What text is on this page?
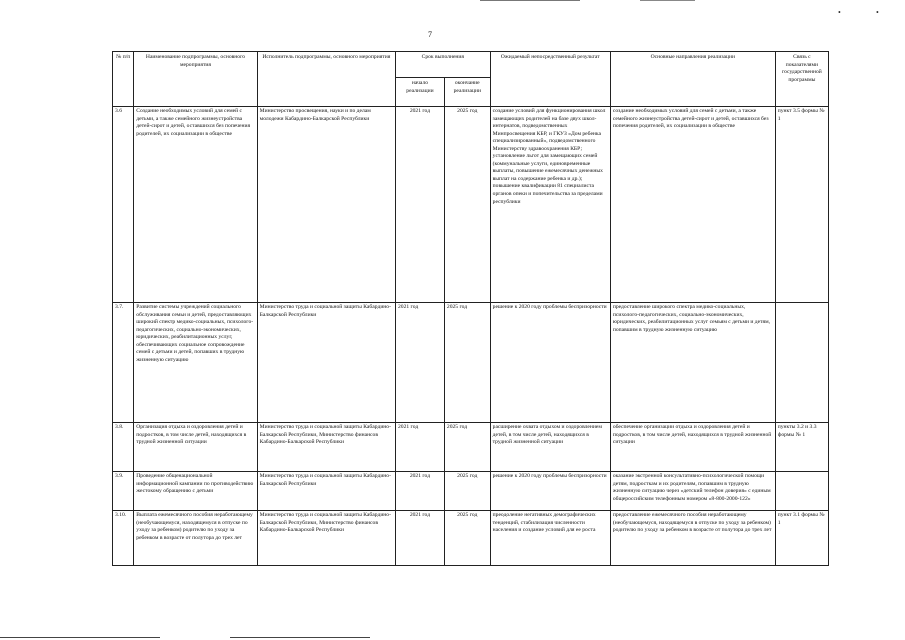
•	•
7
№ п/п	Наименование подпрограммы, основного мероприятия	Исполнитель подпрограммы, основного мероприятия	Срок выполнения		Ожидаемый непосредственный результат	Основные направления реализации	Связь с показателями государственной программы
			начало реализации	окончание реализации			
3.6	Создание необходимых условий для семей с детьми, а также семейного жизнеустройства детей-сирот и детей, оставшихся без попечения родителей, их социализации в обществе	Министерство просвещения, науки и по делам молодежи Кабардино-Балкарской Республики	2021 год	2025 год	создание условий для функционирования школ замещающих родителей на базе двух школ-интернатов, подведомственных Минпросвещения КБР, и ГКУЗ «Дом ребенка специализированный», подведомственного Министерству здравоохранения КБР; установление льгот для замещающих семей (коммунальные услуги, единовременные выплаты, повышение ежемесячных денежных выплат на содержание ребенка и др.); повышение квалификации 81 специалиста органов опеки и попечительства за пределами республики	создание необходимых условий для семей с детьми, а также семейного жизнеустройства детей-сирот и детей, оставшихся без попечения родителей, их социализации в обществе	пункт 3.5 формы № 1
3.7.	Развитие системы учреждений социального обслуживания семьи и детей, предоставляющих широкий спектр медико-социальных, психолого-педагогических, социально-экономических, юридических, реабилитационных услуг, обеспечивающих социальное сопровождение семей с детьми и детей, попавших в трудную жизненную ситуацию	Министерство труда и социальной защиты Кабардино-Балкарской Республики	2021 год	2025 год	решение к 2020 году проблемы беспризорности	предоставление широкого спектра медико-социальных, психолого-педагогических, социально-экономических, юридических, реабилитационных услуг семьям с детьми и детям, попавшим в трудную жизненную ситуацию	
3.8.	Организация отдыха и оздоровления детей и подростков, в том числе детей, находящихся в трудной жизненной ситуации	Министерство труда и социальной защиты Кабардино-Балкарской Республики, Министерство финансов Кабардино-Балкарской Республики	2021 год	2025 год	расширение охвата отдыхом и оздоровлением детей, в том числе детей, находящихся в трудной жизненной ситуации	обеспечение организации отдыха и оздоровления детей и подростков, в том числе детей, находящихся в трудной жизненной ситуации	пункты 3.2 и 3.3 формы № 1
3.9.	Проведение общенациональной информационной кампании по противодействию жестокому обращению с детьми	Министерство труда и социальной защиты Кабардино-Балкарской Республики	2021 год	2025 год	решение к 2020 году проблемы беспризорности	оказание экстренной консультативно-психологической помощи детям, подросткам и их родителям, попавшим в трудную жизненную ситуацию через «детский телефон доверия» с единым общероссийским телефонным номером «8-800-2000-122»	
3.10.	Выплата ежемесячного пособия неработающему (необучающемуся, находящемуся в отпуске по уходу за ребенком) родителю по уходу за ребенком в возрасте от полутора до трех лет	Министерство труда и социальной защиты Кабардино-Балкарской Республики, Министерство финансов Кабардино-Балкарской Республики	2021 год	2025 год	преодоление негативных демографических тенденций, стабилизация численности населения и создание условий для ее роста	предоставление ежемесячного пособия неработающему (необучающемуся, находящемуся в отпуске по уходу за ребенком) родителю по уходу за ребенком в возрасте от полутора до трех лет	пункт 3.1 формы № 1
